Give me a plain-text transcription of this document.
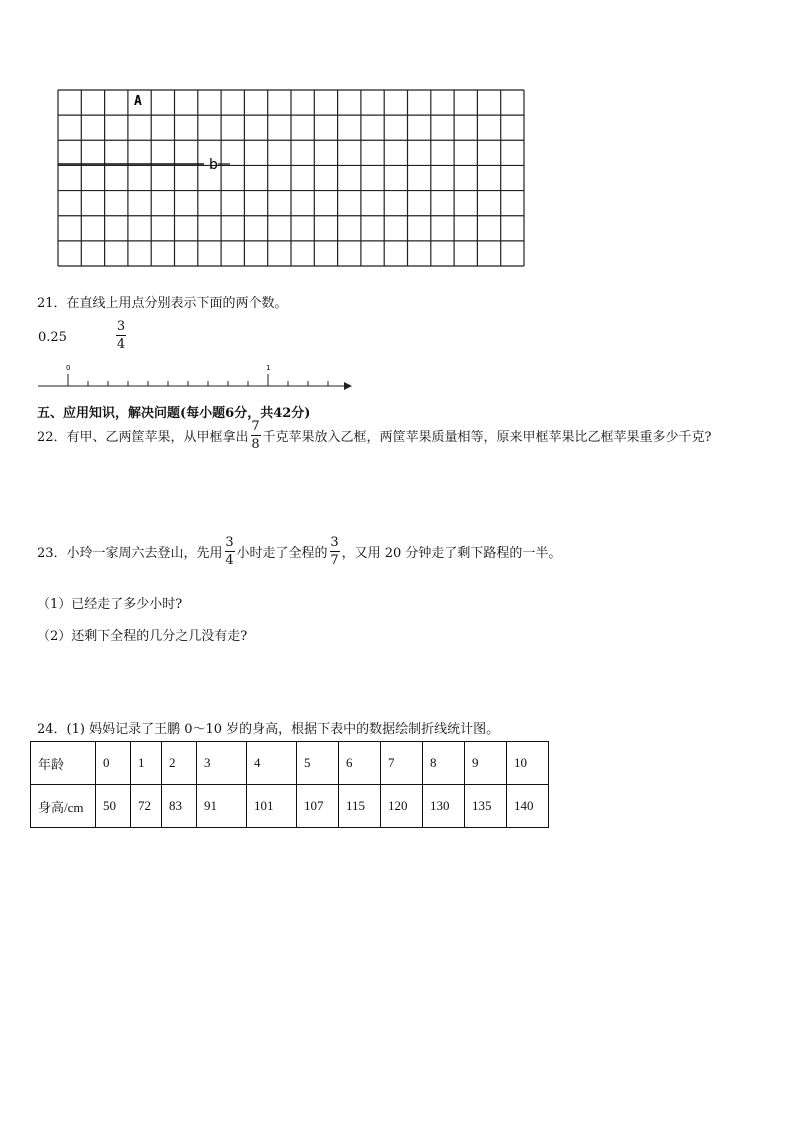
A
b
21．在直线上用点分别表示下面的两个数。
0.25	$\frac{3}{4}$
0	1
五、应用知识，解决问题(每小题6分，共42分)
22．有甲、乙两筐苹果，从甲框拿出 $\frac{7}{8}$ 千克苹果放入乙框，两筐苹果质量相等，原来甲框苹果比乙框苹果重多少千克?
23．小玲一家周六去登山，先用 $\frac{3}{4}$ 小时走了全程的 $\frac{3}{7}$ ，又用 20 分钟走了剩下路程的一半。
（1）已经走了多少小时?
（2）还剩下全程的几分之几没有走?
24．(1) 妈妈记录了王鹏 0～10 岁的身高，根据下表中的数据绘制折线统计图。
年龄	0	1	2	3	4	5	6	7	8	9	10
身高/cm	50	72	83	91	101	107	115	120	130	135	140
